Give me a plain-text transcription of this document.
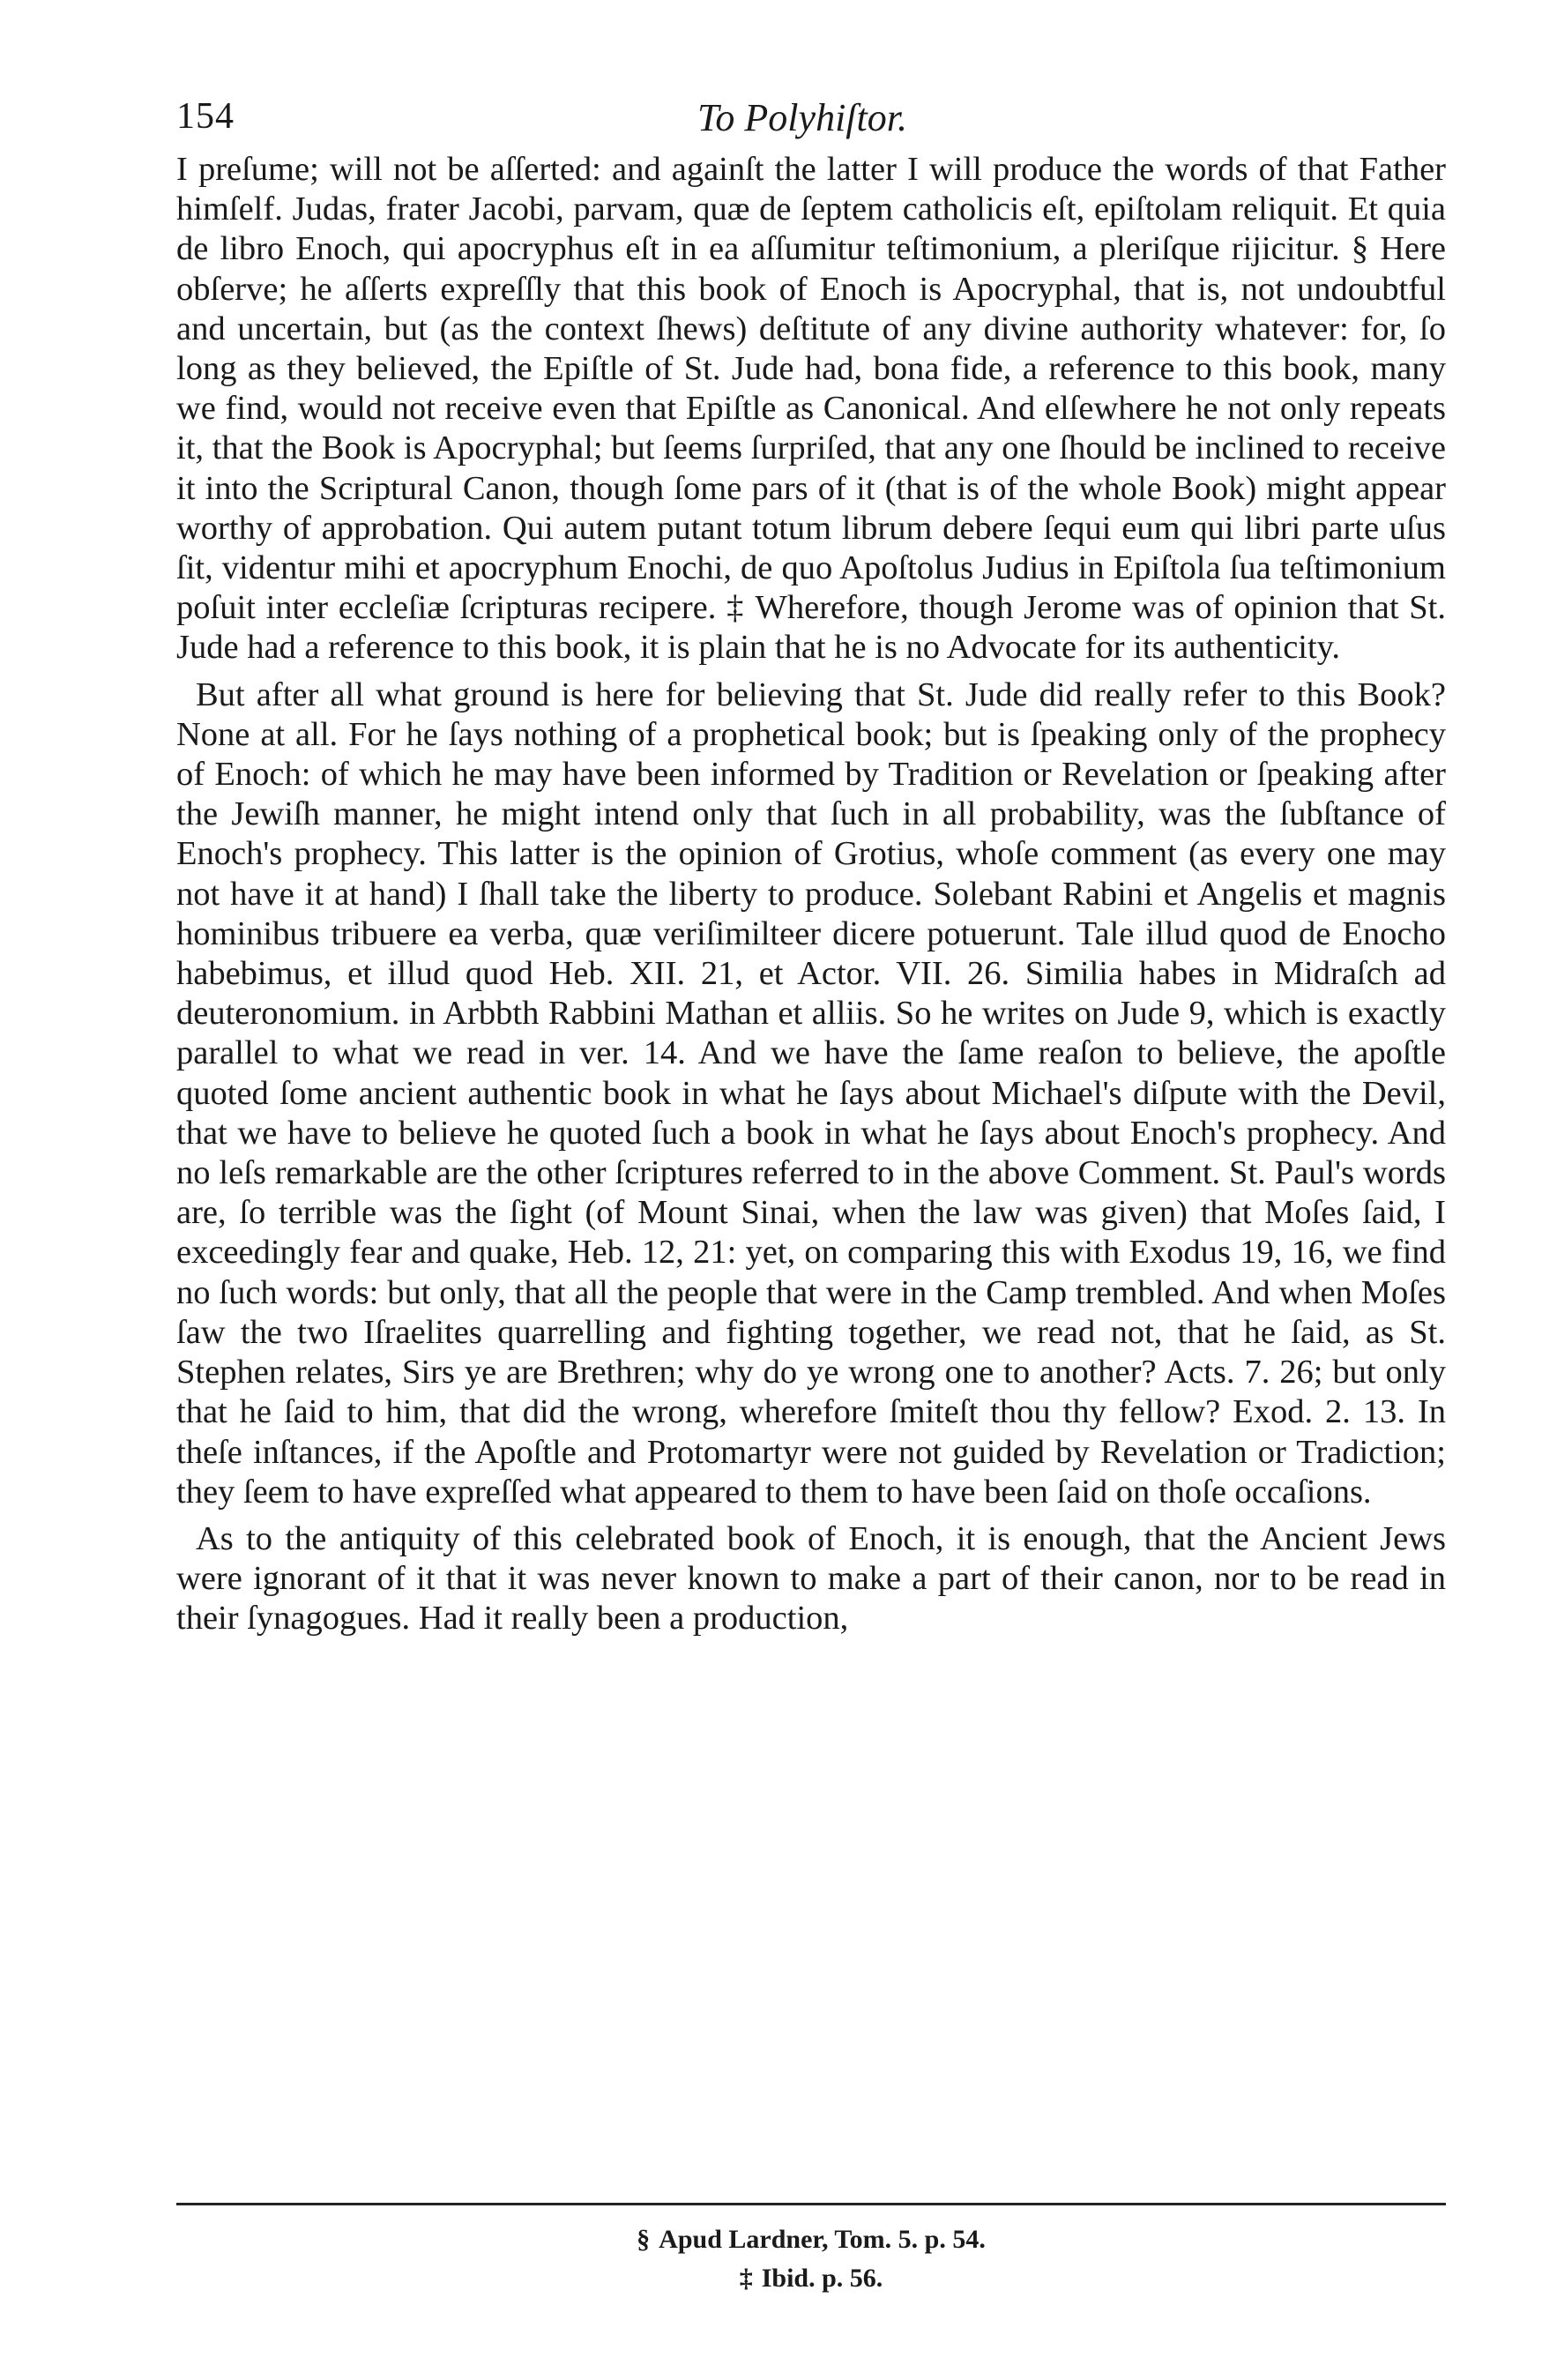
154	To Polyhiſtor.

I preſume; will not be aſſerted: and againſt the latter I will produce the words of that Father himſelf. Judas, frater Jacobi, parvam, quæ de ſeptem catholicis eſt, epiſtolam reliquit. Et quia de libro Enoch, qui apocryphus eſt in ea aſſumitur teſtimonium, a pleriſque rijicitur. § Here obſerve; he aſſerts expreſſly that this book of Enoch is Apocryphal, that is, not undoubtful and uncertain, but (as the context ſhews) deſtitute of any divine authority whatever: for, ſo long as they believed, the Epiſtle of St. Jude had, bona fide, a reference to this book, many we find, would not receive even that Epiſtle as Canonical. And elſewhere he not only repeats it, that the Book is Apocryphal; but ſeems ſurpriſed, that any one ſhould be inclined to receive it into the Scriptural Canon, though ſome pars of it (that is of the whole Book) might appear worthy of approbation. Qui autem putant totum librum debere ſequi eum qui libri parte uſus ſit, videntur mihi et apocryphum Enochi, de quo Apoſtolus Judius in Epiſtola ſua teſtimonium poſuit inter eccleſiæ ſcripturas recipere. ‡ Wherefore, though Jerome was of opinion that St. Jude had a reference to this book, it is plain that he is no Advocate for its authenticity.

But after all what ground is here for believing that St. Jude did really refer to this Book? None at all. For he ſays nothing of a prophetical book; but is ſpeaking only of the prophecy of Enoch: of which he may have been informed by Tradition or Revelation or ſpeaking after the Jewiſh manner, he might intend only that ſuch in all probability, was the ſubſtance of Enoch's prophecy. This latter is the opinion of Grotius, whoſe comment (as every one may not have it at hand) I ſhall take the liberty to produce. Solebant Rabini et Angelis et magnis hominibus tribuere ea verba, quæ veriſimilteer dicere potuerunt. Tale illud quod de Enocho habebimus, et illud quod Heb. XII. 21, et Actor. VII. 26. Similia habes in Midraſch ad deuteronomium. in Arbbth Rabbini Mathan et alliis. So he writes on Jude 9, which is exactly parallel to what we read in ver. 14. And we have the ſame reaſon to believe, the apoſtle quoted ſome ancient authentic book in what he ſays about Michael's diſpute with the Devil, that we have to believe he quoted ſuch a book in what he ſays about Enoch's prophecy. And no leſs remarkable are the other ſcriptures referred to in the above Comment. St. Paul's words are, ſo terrible was the ſight (of Mount Sinai, when the law was given) that Moſes ſaid, I exceedingly fear and quake, Heb. 12, 21: yet, on comparing this with Exodus 19, 16, we find no ſuch words: but only, that all the people that were in the Camp trembled. And when Moſes ſaw the two Iſraelites quarrelling and fighting together, we read not, that he ſaid, as St. Stephen relates, Sirs ye are Brethren; why do ye wrong one to another? Acts. 7. 26; but only that he ſaid to him, that did the wrong, wherefore ſmiteſt thou thy fellow? Exod. 2. 13. In theſe inſtances, if the Apoſtle and Protomartyr were not guided by Revelation or Tradiction; they ſeem to have expreſſed what appeared to them to have been ſaid on thoſe occaſions.

As to the antiquity of this celebrated book of Enoch, it is enough, that the Ancient Jews were ignorant of it that it was never known to make a part of their canon, nor to be read in their ſynagogues. Had it really been a production,

§ Apud Lardner, Tom. 5. p. 54.
‡ Ibid. p. 56.
